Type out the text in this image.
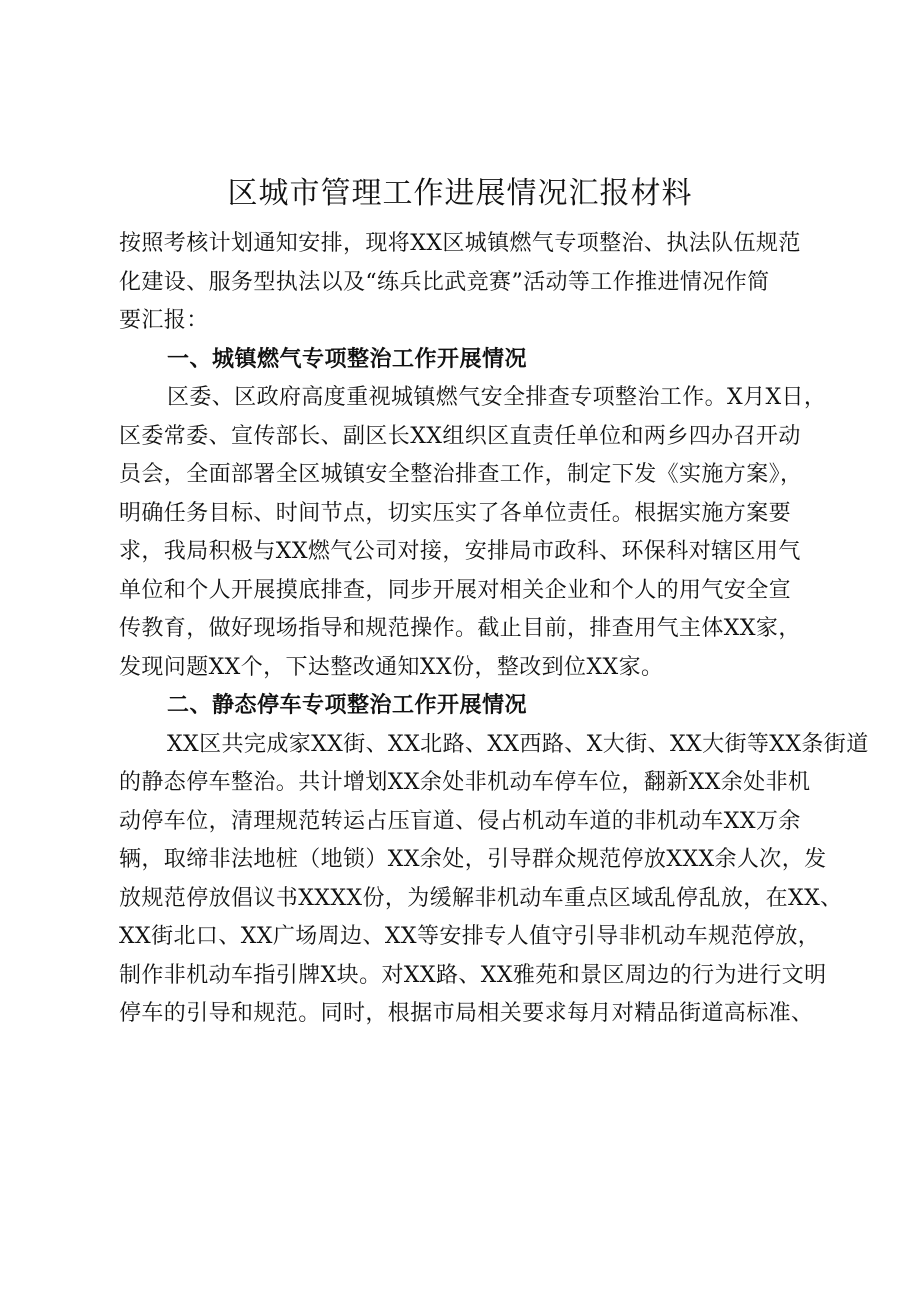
区城市管理工作进展情况汇报材料

按照考核计划通知安排，现将XX区城镇燃气专项整治、执法队伍规范
化建设、服务型执法以及“练兵比武竞赛”活动等工作推进情况作简
要汇报：

一、城镇燃气专项整治工作开展情况

区委、区政府高度重视城镇燃气安全排查专项整治工作。X月X日，
区委常委、宣传部长、副区长XX组织区直责任单位和两乡四办召开动
员会，全面部署全区城镇安全整治排查工作，制定下发《实施方案》，
明确任务目标、时间节点，切实压实了各单位责任。根据实施方案要
求，我局积极与XX燃气公司对接，安排局市政科、环保科对辖区用气
单位和个人开展摸底排查，同步开展对相关企业和个人的用气安全宣
传教育，做好现场指导和规范操作。截止目前，排查用气主体XX家，
发现问题XX个，下达整改通知XX份，整改到位XX家。

二、静态停车专项整治工作开展情况

XX区共完成家XX街、XX北路、XX西路、X大街、XX大街等XX条街道
的静态停车整治。共计增划XX余处非机动车停车位，翻新XX余处非机
动停车位，清理规范转运占压盲道、侵占机动车道的非机动车XX万余
辆，取缔非法地桩（地锁）XX余处，引导群众规范停放XXX余人次，发
放规范停放倡议书XXXX份，为缓解非机动车重点区域乱停乱放，在XX、
XX街北口、XX广场周边、XX等安排专人值守引导非机动车规范停放，
制作非机动车指引牌X块。对XX路、XX雅苑和景区周边的行为进行文明
停车的引导和规范。同时，根据市局相关要求每月对精品街道高标准、
